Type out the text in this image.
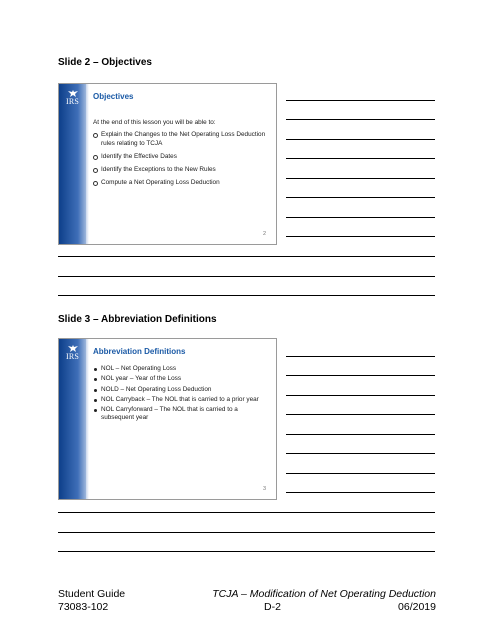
Slide 2 – Objectives
IRS
Objectives
At the end of this lesson you will be able to:
Explain the Changes to the Net Operating Loss Deduction rules relating to TCJA
Identify the Effective Dates
Identify the Exceptions to the New Rules
Compute a Net Operating Loss Deduction
2
Slide 3 – Abbreviation Definitions
IRS
Abbreviation Definitions
NOL – Net Operating Loss
NOL year – Year of the Loss
NOLD – Net Operating Loss Deduction
NOL Carryback – The NOL that is carried to a prior year
NOL Carryforward – The NOL that is carried to a subsequent year
3
Student Guide
73083-102
TCJA – Modification of Net Operating Deduction
D-2	06/2019
